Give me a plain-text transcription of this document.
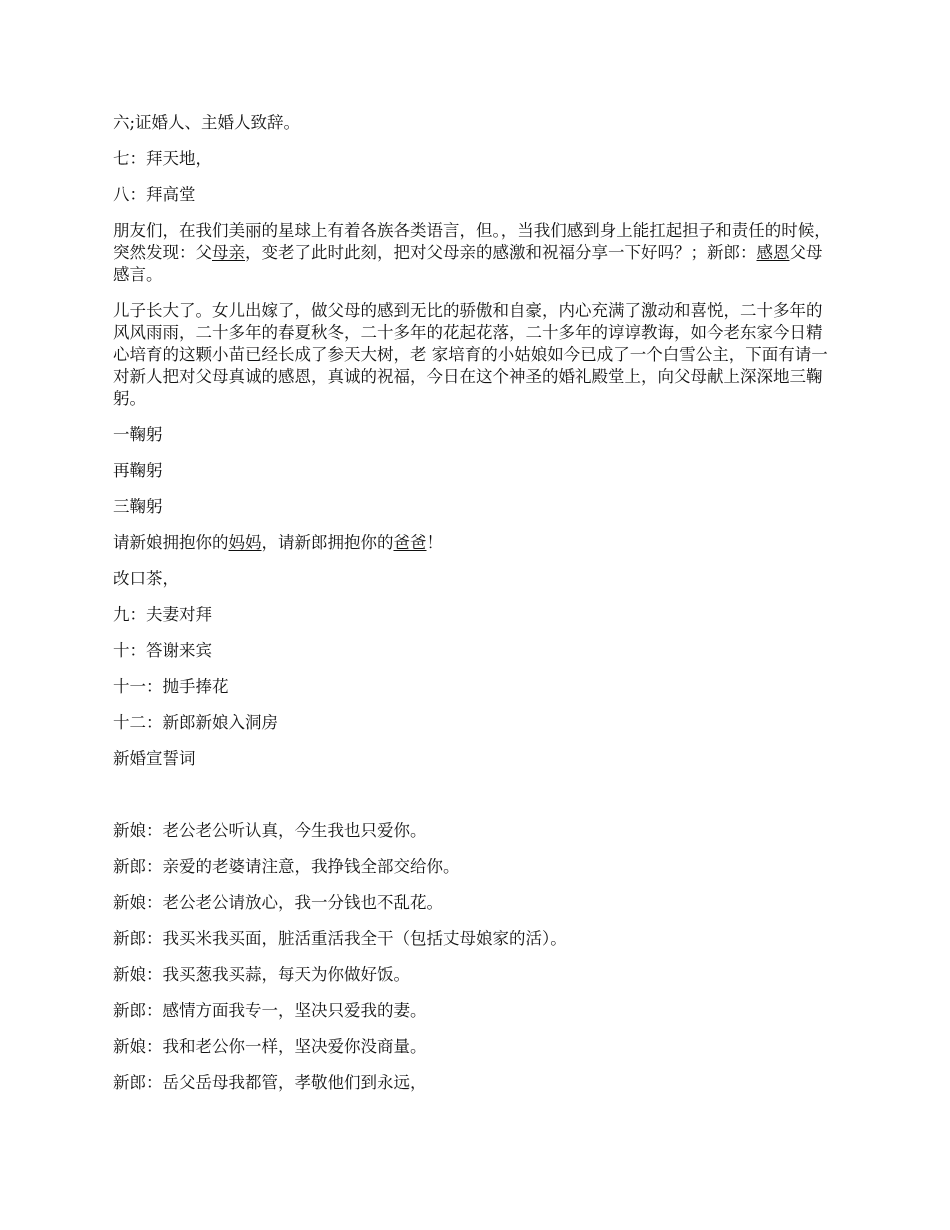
六;证婚人、主婚人致辞。

七：拜天地，

八：拜高堂

朋友们，在我们美丽的星球上有着各族各类语言，但。，当我们感到身上能扛起担子和责任的时候，突然发现：父母亲，变老了此时此刻，把对父母亲的感激和祝福分享一下好吗？；新郎：感恩父母感言。

儿子长大了。女儿出嫁了，做父母的感到无比的骄傲和自豪，内心充满了激动和喜悦，二十多年的风风雨雨，二十多年的春夏秋冬，二十多年的花起花落，二十多年的谆谆教诲，如今老东家今日精心培育的这颗小苗已经长成了参天大树，老 家培育的小姑娘如今已成了一个白雪公主，下面有请一对新人把对父母真诚的感恩，真诚的祝福，今日在这个神圣的婚礼殿堂上，向父母献上深深地三鞠躬。

一鞠躬

再鞠躬

三鞠躬

请新娘拥抱你的妈妈，请新郎拥抱你的爸爸！

改口茶，

九：夫妻对拜

十：答谢来宾

十一：抛手捧花

十二：新郎新娘入洞房

新婚宣誓词

新娘：老公老公听认真，今生我也只爱你。

新郎：亲爱的老婆请注意，我挣钱全部交给你。

新娘：老公老公请放心，我一分钱也不乱花。

新郎：我买米我买面，脏活重活我全干（包括丈母娘家的活）。

新娘：我买葱我买蒜，每天为你做好饭。

新郎：感情方面我专一，坚决只爱我的妻。

新娘：我和老公你一样，坚决爱你没商量。

新郎：岳父岳母我都管，孝敬他们到永远，
